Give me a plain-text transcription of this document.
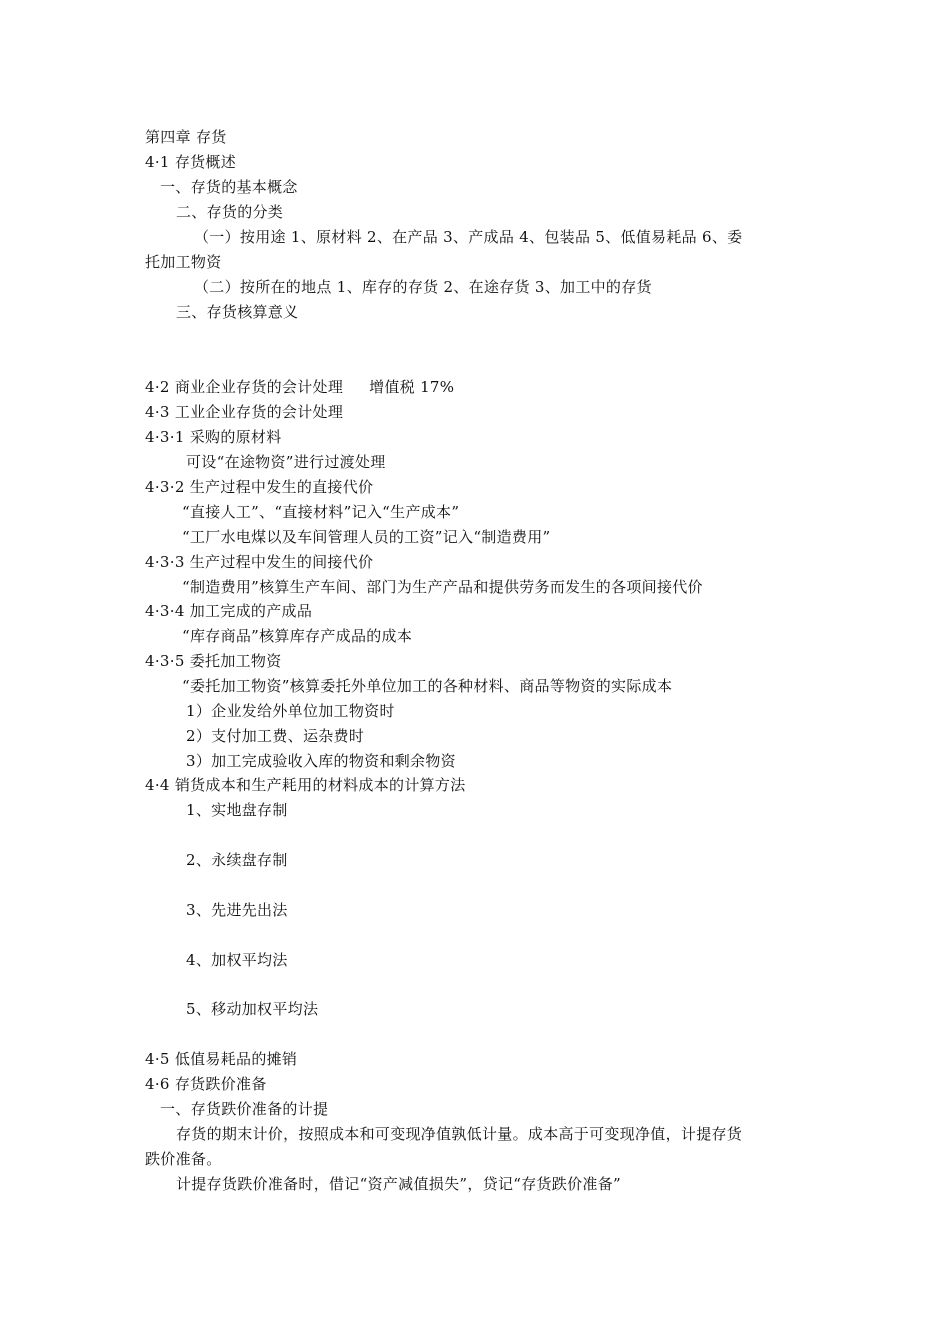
第四章 存货
4·1 存货概述
一、存货的基本概念
二、存货的分类
（一）按用途 1、原材料 2、在产品 3、产成品 4、包装品 5、低值易耗品 6、委
托加工物资
（二）按所在的地点 1、库存的存货 2、在途存货 3、加工中的存货
三、存货核算意义
4·2 商业企业存货的会计处理 增值税 17%
4·3 工业企业存货的会计处理
4·3·1 采购的原材料
可设“在途物资”进行过渡处理
4·3·2 生产过程中发生的直接代价
“直接人工”、“直接材料”记入“生产成本”
“工厂水电煤以及车间管理人员的工资”记入“制造费用”
4·3·3 生产过程中发生的间接代价
“制造费用”核算生产车间、部门为生产产品和提供劳务而发生的各项间接代价
4·3·4 加工完成的产成品
“库存商品”核算库存产成品的成本
4·3·5 委托加工物资
“委托加工物资”核算委托外单位加工的各种材料、商品等物资的实际成本
1）企业发给外单位加工物资时
2）支付加工费、运杂费时
3）加工完成验收入库的物资和剩余物资
4·4 销货成本和生产耗用的材料成本的计算方法
1、实地盘存制
2、永续盘存制
3、先进先出法
4、加权平均法
5、移动加权平均法
4·5 低值易耗品的摊销
4·6 存货跌价准备
一、存货跌价准备的计提
存货的期末计价，按照成本和可变现净值孰低计量。成本高于可变现净值，计提存货
跌价准备。
计提存货跌价准备时，借记“资产减值损失”，贷记“存货跌价准备”
